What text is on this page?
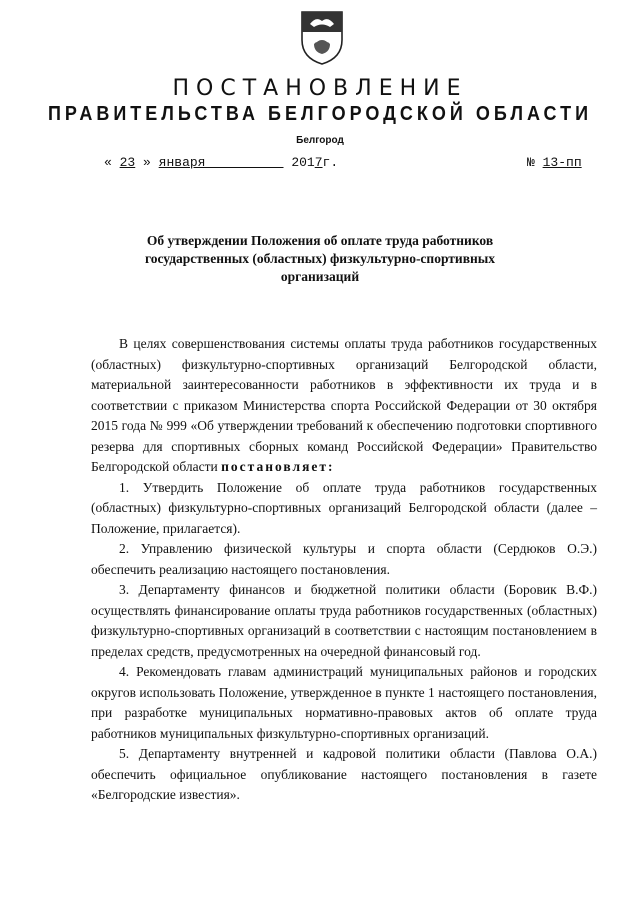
ПОСТАНОВЛЕНИЕ
ПРАВИТЕЛЬСТВА БЕЛГОРОДСКОЙ ОБЛАСТИ
Белгород
« 23 » января	2017г.	№ 13-пп
Об утверждении Положения об оплате труда работников государственных (областных) физкультурно-спортивных организаций

В целях совершенствования системы оплаты труда работников государственных (областных) физкультурно-спортивных организаций Белгородской области, материальной заинтересованности работников в эффективности их труда и в соответствии с приказом Министерства спорта Российской Федерации от 30 октября 2015 года № 999 «Об утверждении требований к обеспечению подготовки спортивного резерва для спортивных сборных команд Российской Федерации» Правительство Белгородской области постановляет:

1. Утвердить Положение об оплате труда работников государственных (областных) физкультурно-спортивных организаций Белгородской области (далее – Положение, прилагается).

2. Управлению физической культуры и спорта области (Сердюков О.Э.) обеспечить реализацию настоящего постановления.

3. Департаменту финансов и бюджетной политики области (Боровик В.Ф.) осуществлять финансирование оплаты труда работников государственных (областных) физкультурно-спортивных организаций в соответствии с настоящим постановлением в пределах средств, предусмотренных на очередной финансовый год.

4. Рекомендовать главам администраций муниципальных районов и городских округов использовать Положение, утвержденное в пункте 1 настоящего постановления, при разработке муниципальных нормативно-правовых актов об оплате труда работников муниципальных физкультурно-спортивных организаций.

5. Департаменту внутренней и кадровой политики области (Павлова О.А.) обеспечить официальное опубликование настоящего постановления в газете «Белгородские известия».
